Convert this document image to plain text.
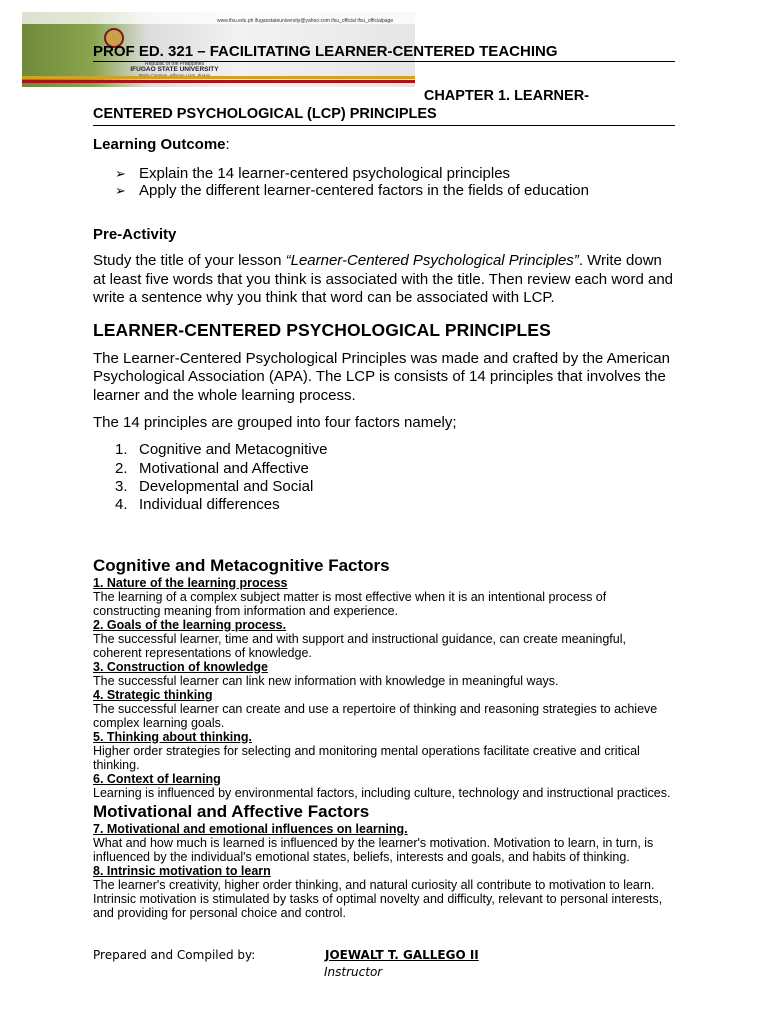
www.ifsu.edu.ph ifugaostateuniversity@yahoo.com ifsu_official ifsu_officialpage
Republic of the Philippines
IFUGAO STATE UNIVERSITY
PROF ED. 321 – FACILITATING LEARNER-CENTERED TEACHING
CHAPTER 1. LEARNER-
CENTERED PSYCHOLOGICAL (LCP) PRINCIPLES

Learning Outcome:

➢ Explain the 14 learner-centered psychological principles
➢ Apply the different learner-centered factors in the fields of education
Pre-Activity

Study the title of your lesson “Learner-Centered Psychological Principles”. Write down at least five words that you think is associated with the title. Then review each word and write a sentence why you think that word can be associated with LCP.

LEARNER-CENTERED PSYCHOLOGICAL PRINCIPLES

The Learner-Centered Psychological Principles was made and crafted by the American Psychological Association (APA). The LCP is consists of 14 principles that involves the learner and the whole learning process.

The 14 principles are grouped into four factors namely;

1. Cognitive and Metacognitive
2. Motivational and Affective
3. Developmental and Social
4. Individual differences

Cognitive and Metacognitive Factors

1. Nature of the learning process

The learning of a complex subject matter is most effective when it is an intentional process of constructing meaning from information and experience.

2. Goals of the learning process.

The successful learner, time and with support and instructional guidance, can create meaningful, coherent representations of knowledge.

3. Construction of knowledge

The successful learner can link new information with knowledge in meaningful ways.

4. Strategic thinking

The successful learner can create and use a repertoire of thinking and reasoning strategies to achieve complex learning goals.

5. Thinking about thinking.

Higher order strategies for selecting and monitoring mental operations facilitate creative and critical thinking.

6. Context of learning

Learning is influenced by environmental factors, including culture, technology and instructional practices.

Motivational and Affective Factors

7. Motivational and emotional influences on learning.

What and how much is learned is influenced by the learner's motivation. Motivation to learn, in turn, is influenced by the individual's emotional states, beliefs, interests and goals, and habits of thinking.

8. Intrinsic motivation to learn

The learner's creativity, higher order thinking, and natural curiosity all contribute to motivation to learn. Intrinsic motivation is stimulated by tasks of optimal novelty and difficulty, relevant to personal interests, and providing for personal choice and control.

Prepared and Compiled by:	JOEWALT T. GALLEGO II
Instructor
